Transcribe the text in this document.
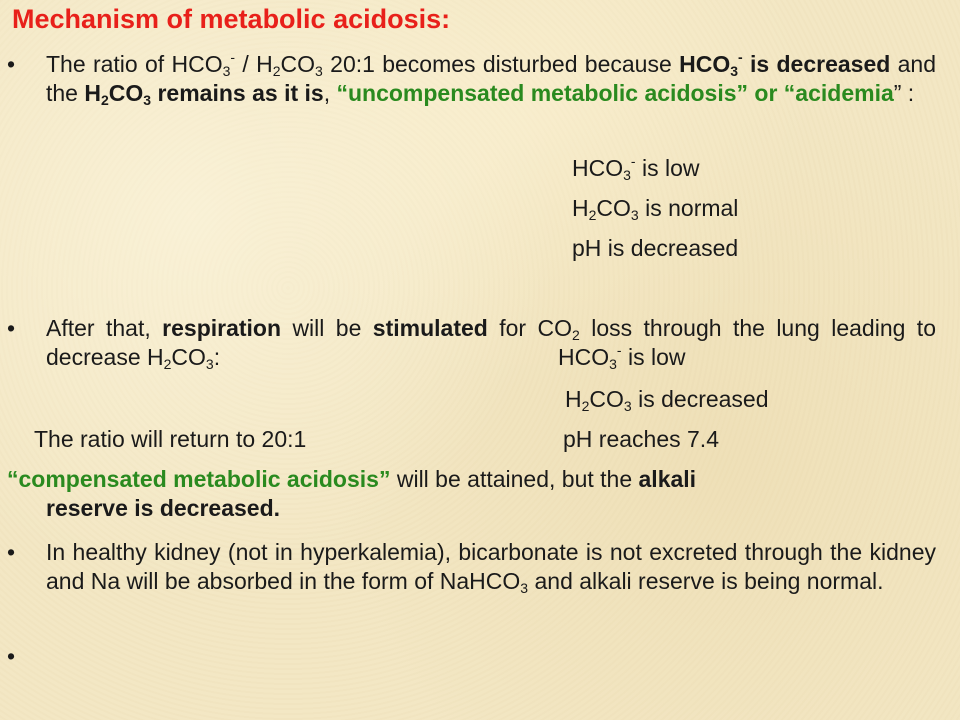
Mechanism of metabolic acidosis:
• The ratio of $HCO_3^- / H_2CO_3$ 20:1 becomes disturbed because $HCO_3^-$ is decreased and the $H_2CO_3$ remains as it is, “uncompensated metabolic acidosis” or “acidemia” :

$HCO_3^-$ is low

$H_2CO_3$ is normal

pH is decreased

• After that, respiration will be stimulated for $CO_2$ loss through the lung leading to decrease $H_2CO_3$:	$HCO_3^-$ is low

$H_2CO_3$ is decreased

The ratio will return to 20:1	pH reaches 7.4

“compensated metabolic acidosis” will be attained, but the alkali

reserve is decreased.

• In healthy kidney (not in hyperkalemia), bicarbonate is not excreted through the kidney and Na will be absorbed in the form of NaHCO$_3$ and alkali reserve is being normal.

•
